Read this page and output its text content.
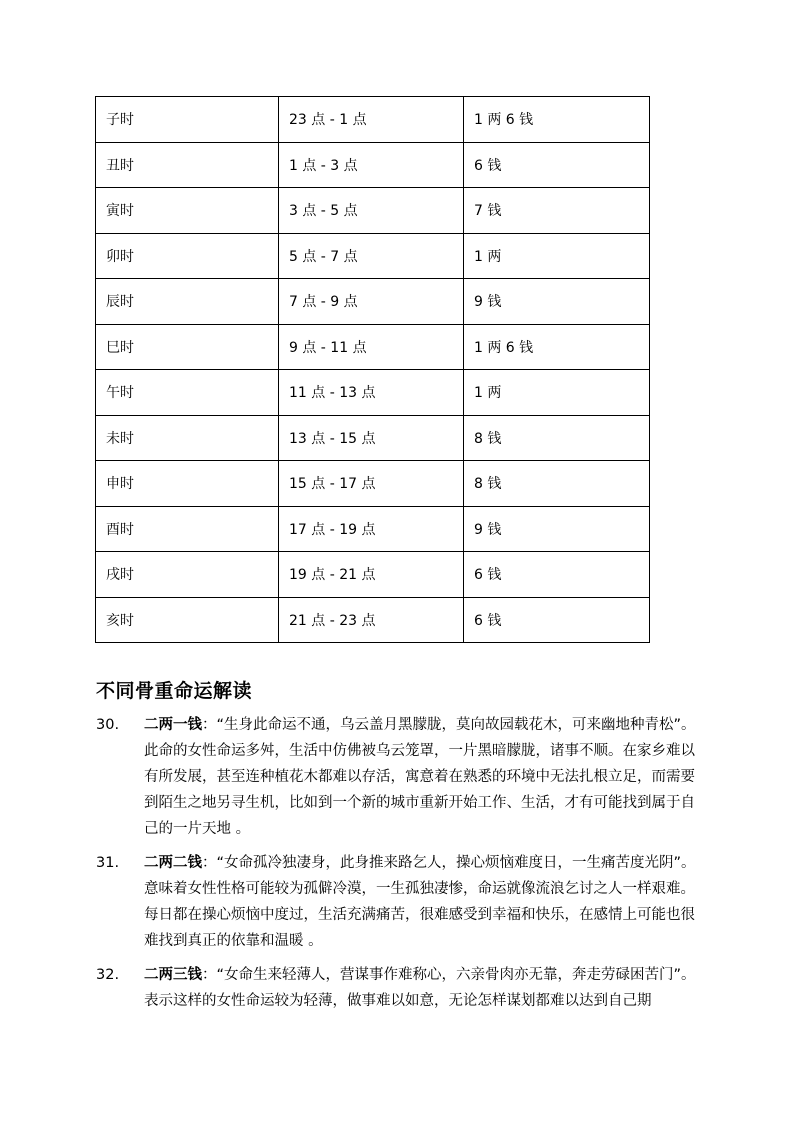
子时	23 点 - 1 点	1 两 6 钱
丑时	1 点 - 3 点	6 钱
寅时	3 点 - 5 点	7 钱
卯时	5 点 - 7 点	1 两
辰时	7 点 - 9 点	9 钱
巳时	9 点 - 11 点	1 两 6 钱
午时	11 点 - 13 点	1 两
未时	13 点 - 15 点	8 钱
申时	15 点 - 17 点	8 钱
酉时	17 点 - 19 点	9 钱
戌时	19 点 - 21 点	6 钱
亥时	21 点 - 23 点	6 钱
不同骨重命运解读
30.	二两一钱：“生身此命运不通，乌云盖月黑朦胧，莫向故园载花木，可来幽地种青松”。此命的女性命运多舛，生活中仿佛被乌云笼罩，一片黑暗朦胧，诸事不顺。在家乡难以有所发展，甚至连种植花木都难以存活，寓意着在熟悉的环境中无法扎根立足，而需要到陌生之地另寻生机，比如到一个新的城市重新开始工作、生活，才有可能找到属于自己的一片天地 。
31.	二两二钱：“女命孤冷独凄身，此身推来路乞人，操心烦恼难度日，一生痛苦度光阴”。意味着女性性格可能较为孤僻冷漠，一生孤独凄惨，命运就像流浪乞讨之人一样艰难。每日都在操心烦恼中度过，生活充满痛苦，很难感受到幸福和快乐，在感情上可能也很难找到真正的依靠和温暖 。
32.	二两三钱：“女命生来轻薄人，营谋事作难称心，六亲骨肉亦无靠，奔走劳碌困苦门”。表示这样的女性命运较为轻薄，做事难以如意，无论怎样谋划都难以达到自己期
